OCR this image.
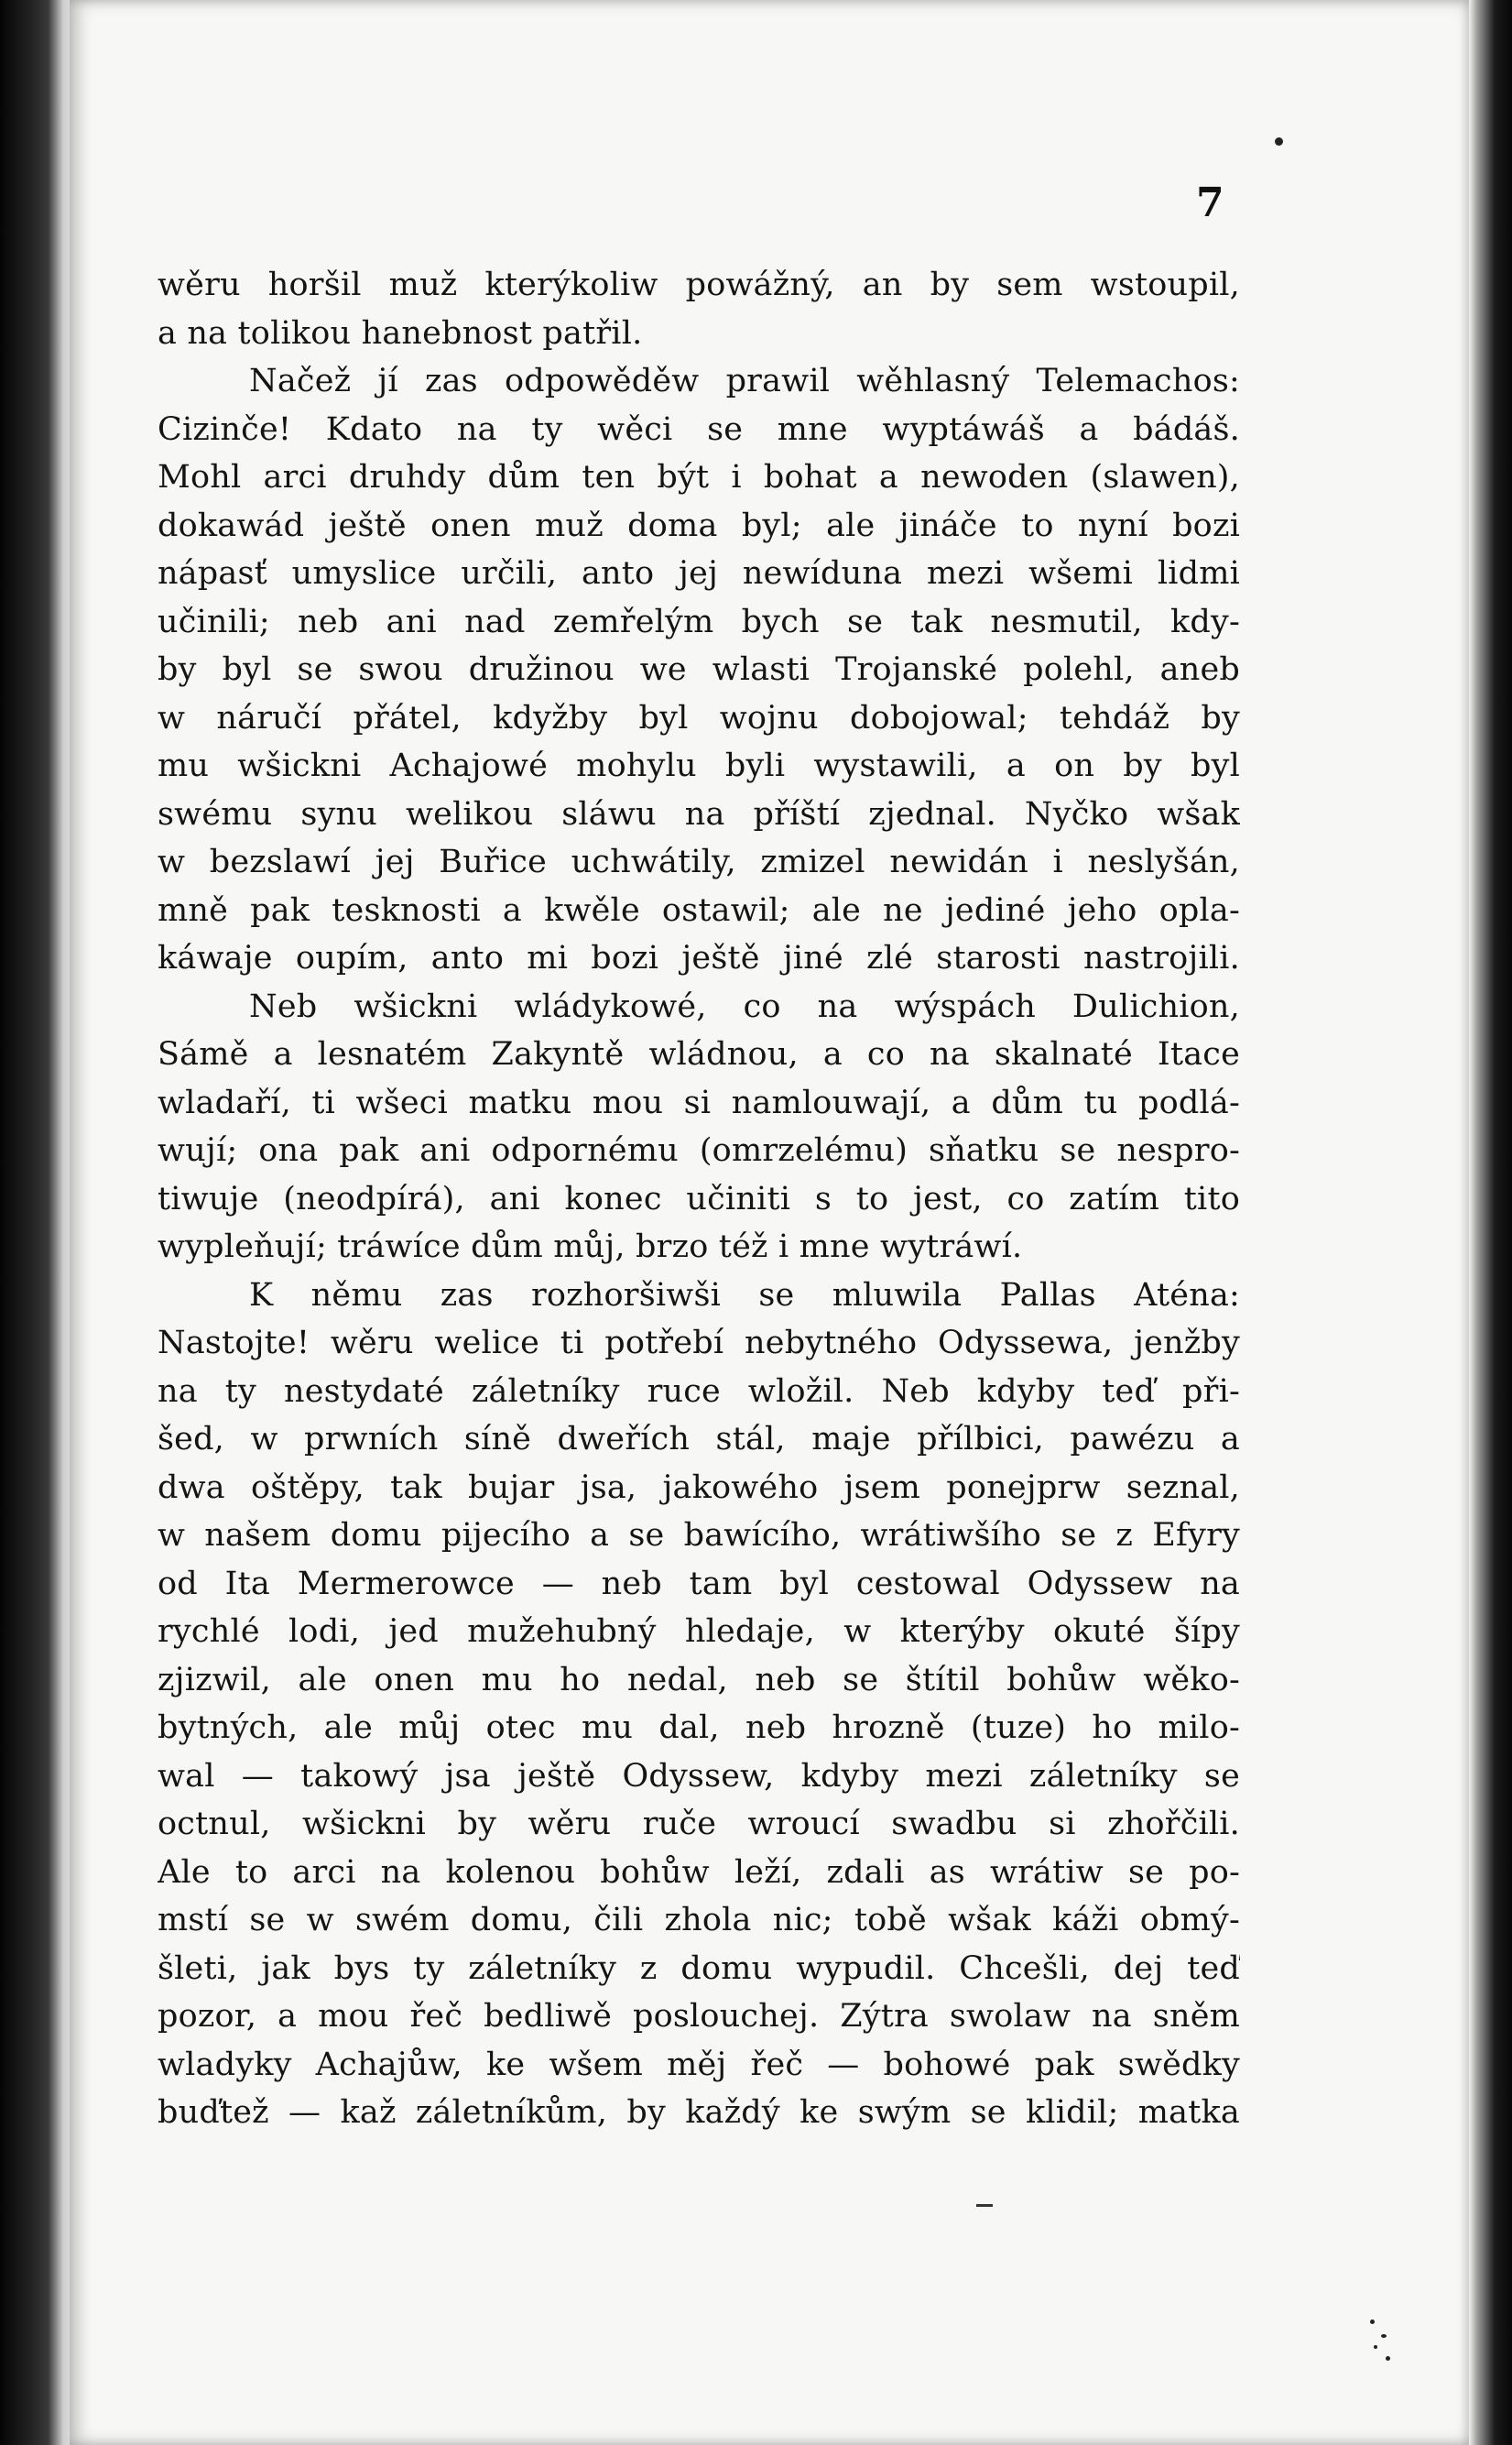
7
wěru horšil muž kterýkoliw powážný, an by sem wstoupil,
a na tolikou hanebnost patřil.
Načež jí zas odpowěděw prawil wěhlasný Telemachos:
Cizinče! Kdato na ty wěci se mne wyptáwáš a bádáš.
Mohl arci druhdy dům ten být i bohat a newoden (slawen),
dokawád ještě onen muž doma byl; ale jináče to nyní bozi
nápasť umyslice určili, anto jej newíduna mezi wšemi lidmi
učinili; neb ani nad zemřelým bych se tak nesmutil, kdy-
by byl se swou družinou we wlasti Trojanské polehl, aneb
w náručí přátel, kdyžby byl wojnu dobojowal; tehdáž by
mu wšickni Achajowé mohylu byli wystawili, a on by byl
swému synu welikou sláwu na příští zjednal. Nyčko wšak
w bezslawí jej Buřice uchwátily, zmizel newidán i neslyšán,
mně pak tesknosti a kwěle ostawil; ale ne jediné jeho opla-
káwaje oupím, anto mi bozi ještě jiné zlé starosti nastrojili.
Neb wšickni wládykowé, co na wýspách Dulichion,
Sámě a lesnatém Zakyntě wládnou, a co na skalnaté Itace
wladaří, ti wšeci matku mou si namlouwají, a dům tu podlá-
wují; ona pak ani odpornému (omrzelému) sňatku se nespro-
tiwuje (neodpírá), ani konec učiniti s to jest, co zatím tito
wypleňují; tráwíce dům můj, brzo též i mne wytráwí.
K němu zas rozhoršiwši se mluwila Pallas Aténa:
Nastojte! wěru welice ti potřebí nebytného Odyssewa, jenžby
na ty nestydaté záletníky ruce wložil. Neb kdyby teď při-
šed, w prwních síně dweřích stál, maje přílbici, pawézu a
dwa oštěpy, tak bujar jsa, jakowého jsem ponejprw seznal,
w našem domu pijecího a se bawícího, wrátiwšího se z Efyry
od Ita Mermerowce — neb tam byl cestowal Odyssew na
rychlé lodi, jed mužehubný hledaje, w kterýby okuté šípy
zjizwil, ale onen mu ho nedal, neb se štítil bohůw wěko-
bytných, ale můj otec mu dal, neb hrozně (tuze) ho milo-
wal — takowý jsa ještě Odyssew, kdyby mezi záletníky se
octnul, wšickni by wěru ruče wroucí swadbu si zhořčili.
Ale to arci na kolenou bohůw leží, zdali as wrátiw se po-
mstí se w swém domu, čili zhola nic; tobě wšak káži obmý-
šleti, jak bys ty záletníky z domu wypudil. Chcešli, dej teď
pozor, a mou řeč bedliwě poslouchej. Zýtra swolaw na sněm
wladyky Achajůw, ke wšem měj řeč — bohowé pak swědky
buďtež — kaž záletníkům, by každý ke swým se klidil; matka
